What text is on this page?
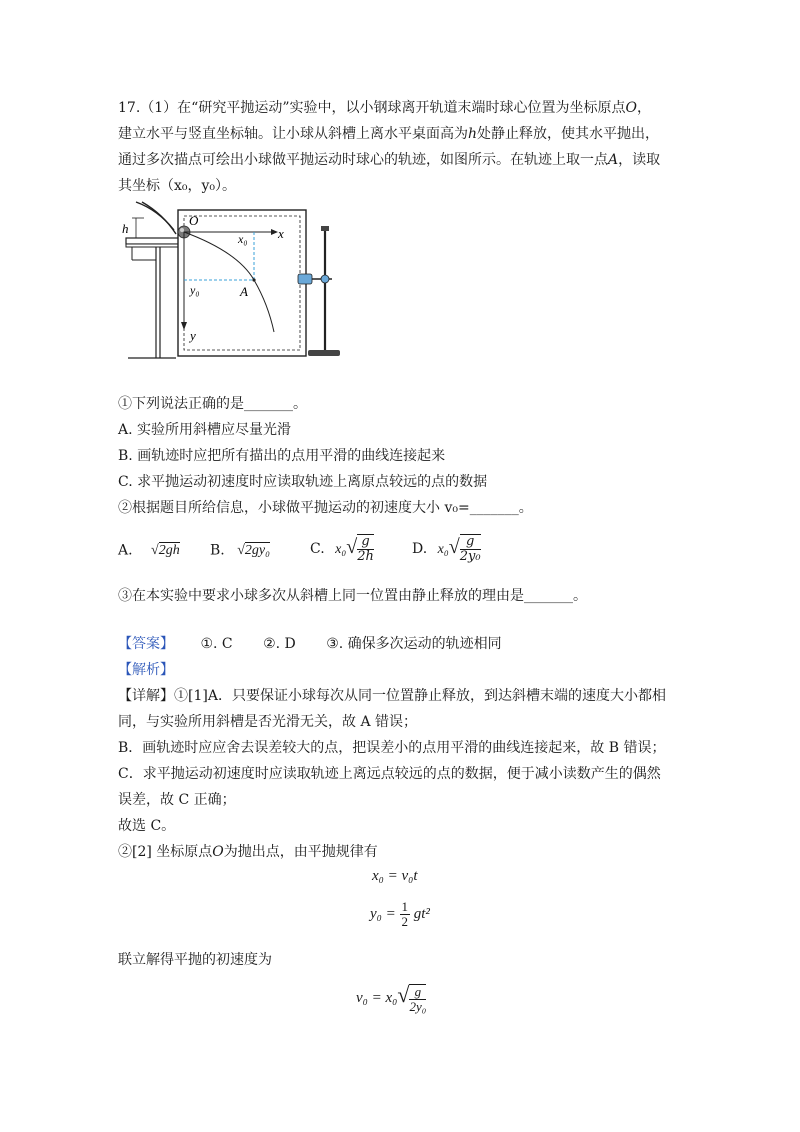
17.（1）在“研究平抛运动”实验中，以小钢球离开轨道末端时球心位置为坐标原点O，
建立水平与竖直坐标轴。让小球从斜槽上离水平桌面高为h处静止释放，使其水平抛出，
通过多次描点可绘出小球做平抛运动时球心的轨迹，如图所示。在轨迹上取一点A，读取
其坐标（x₀，y₀）。
h
O
x
y
x₀
y₀	A
①下列说法正确的是_______。
A. 实验所用斜槽应尽量光滑
B. 画轨迹时应把所有描出的点用平滑的曲线连接起来
C. 求平抛运动初速度时应读取轨迹上离原点较远的点的数据
②根据题目所给信息，小球做平抛运动的初速度大小 v₀=_______。
A. √2gh B. √2gy₀	C. $x_0√ \frac{g}{2h}$	D. $x_0√ \frac{g}{\text{2y₀}}$
③在本实验中要求小球多次从斜槽上同一位置由静止释放的理由是_______。
【答案】 ①. C ②. D ③. 确保多次运动的轨迹相同
【解析】
【详解】①[1]A．只要保证小球每次从同一位置静止释放，到达斜槽末端的速度大小都相
同，与实验所用斜槽是否光滑无关，故 A 错误；
B．画轨迹时应应舍去误差较大的点，把误差小的点用平滑的曲线连接起来，故 B 错误；
C．求平抛运动初速度时应读取轨迹上离远点较远的点的数据，便于减小读数产生的偶然
误差，故 C 正确；
故选 C。
②[2] 坐标原点O为抛出点，由平抛规律有
x₀ = v₀t
$y_0 = \frac{1}{2} gt^2$
联立解得平抛的初速度为
$v_0 = x_0√ \frac{g}{\text{2y₀}}$
